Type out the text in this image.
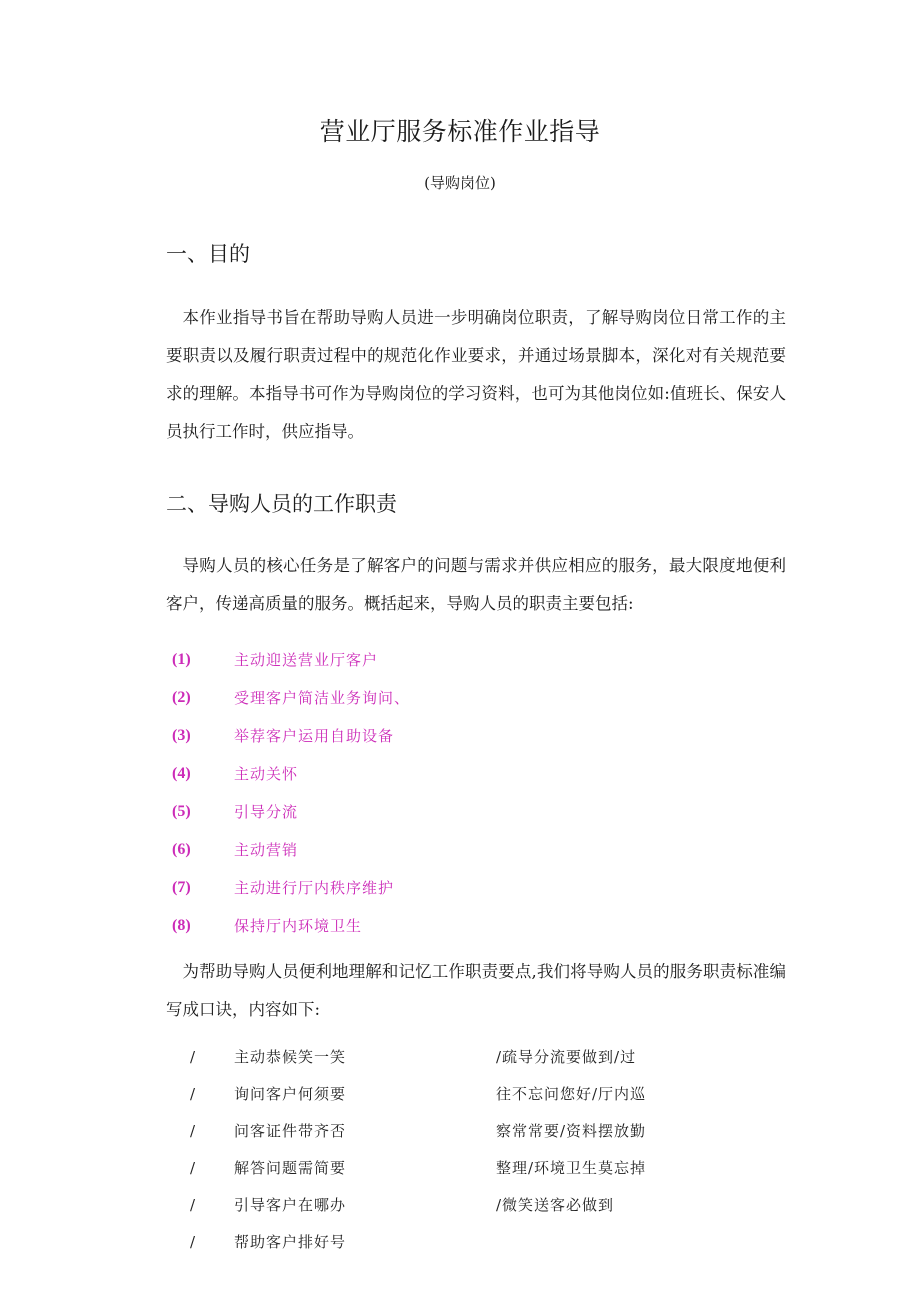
营业厅服务标准作业指导
(导购岗位)
一、目的

本作业指导书旨在帮助导购人员进一步明确岗位职责，了解导购岗位日常工作的主要职责以及履行职责过程中的规范化作业要求，并通过场景脚本，深化对有关规范要求的理解。本指导书可作为导购岗位的学习资料，也可为其他岗位如:值班长、保安人员执行工作时，供应指导。

二、导购人员的工作职责

导购人员的核心任务是了解客户的问题与需求并供应相应的服务，最大限度地便利客户，传递高质量的服务。概括起来，导购人员的职责主要包括:

(1)	主动迎送营业厅客户
(2)	受理客户简洁业务询问、
(3)	举荐客户运用自助设备
(4)	主动关怀
(5)	引导分流
(6)	主动营销
(7)	主动进行厅内秩序维护
(8)	保持厅内环境卫生

为帮助导购人员便利地理解和记忆工作职责要点,我们将导购人员的服务职责标准编写成口诀，内容如下:

/	主动恭候笑一笑	/疏导分流要做到/过
/	询问客户何须要	往不忘问您好/厅内巡
/	问客证件带齐否	察常常要/资料摆放勤
/	解答问题需简要	整理/环境卫生莫忘掉
/	引导客户在哪办	/微笑送客必做到
/	帮助客户排好号
